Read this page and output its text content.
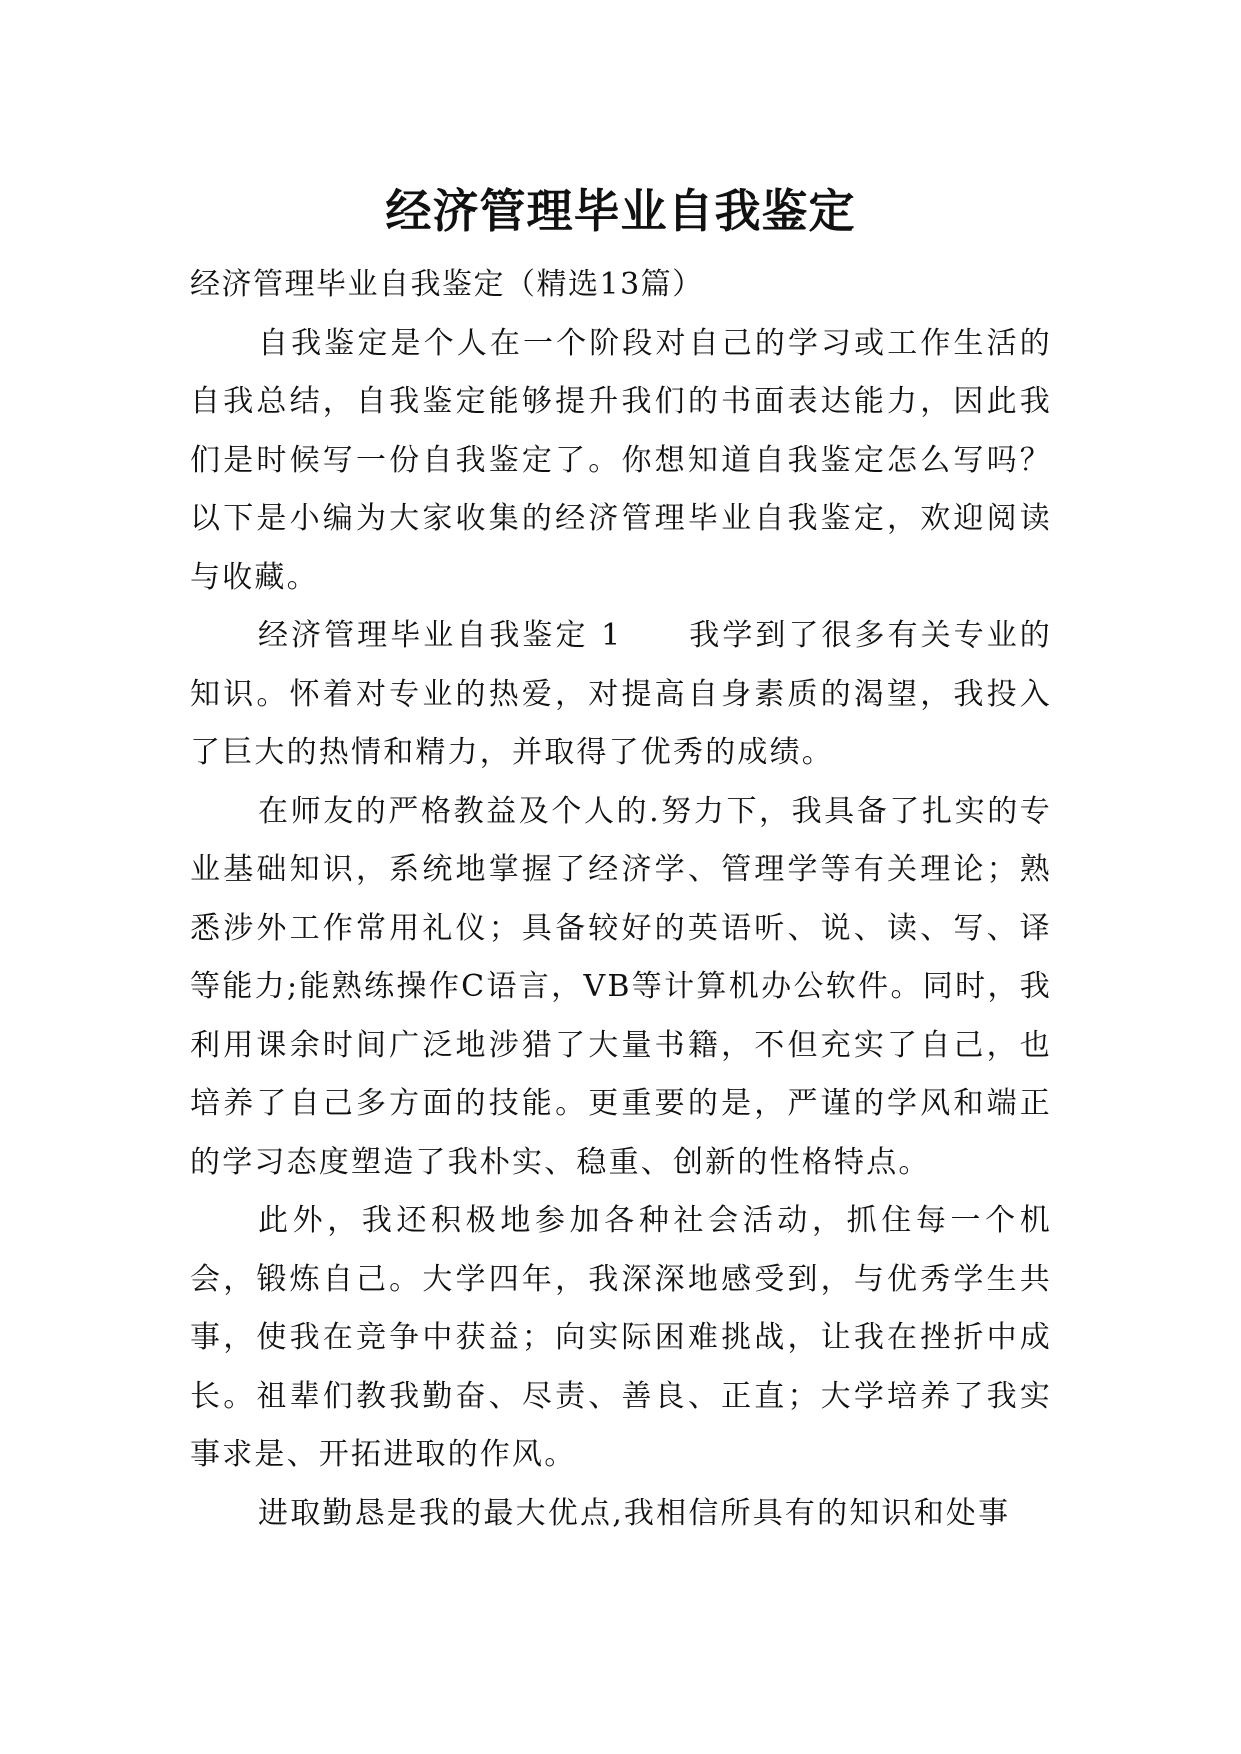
经济管理毕业自我鉴定

经济管理毕业自我鉴定（精选13篇）

自我鉴定是个人在一个阶段对自己的学习或工作生活的自我总结，自我鉴定能够提升我们的书面表达能力，因此我们是时候写一份自我鉴定了。你想知道自我鉴定怎么写吗？以下是小编为大家收集的经济管理毕业自我鉴定，欢迎阅读与收藏。

经济管理毕业自我鉴定 1　　我学到了很多有关专业的知识。怀着对专业的热爱，对提高自身素质的渴望，我投入了巨大的热情和精力，并取得了优秀的成绩。

在师友的严格教益及个人的.努力下，我具备了扎实的专业基础知识，系统地掌握了经济学、管理学等有关理论；熟悉涉外工作常用礼仪；具备较好的英语听、说、读、写、译等能力;能熟练操作C语言，VB等计算机办公软件。同时，我利用课余时间广泛地涉猎了大量书籍，不但充实了自己，也培养了自己多方面的技能。更重要的是，严谨的学风和端正的学习态度塑造了我朴实、稳重、创新的性格特点。

此外，我还积极地参加各种社会活动，抓住每一个机会，锻炼自己。大学四年，我深深地感受到，与优秀学生共事，使我在竞争中获益；向实际困难挑战，让我在挫折中成长。祖辈们教我勤奋、尽责、善良、正直；大学培养了我实事求是、开拓进取的作风。

进取勤恳是我的最大优点,我相信所具有的知识和处事
